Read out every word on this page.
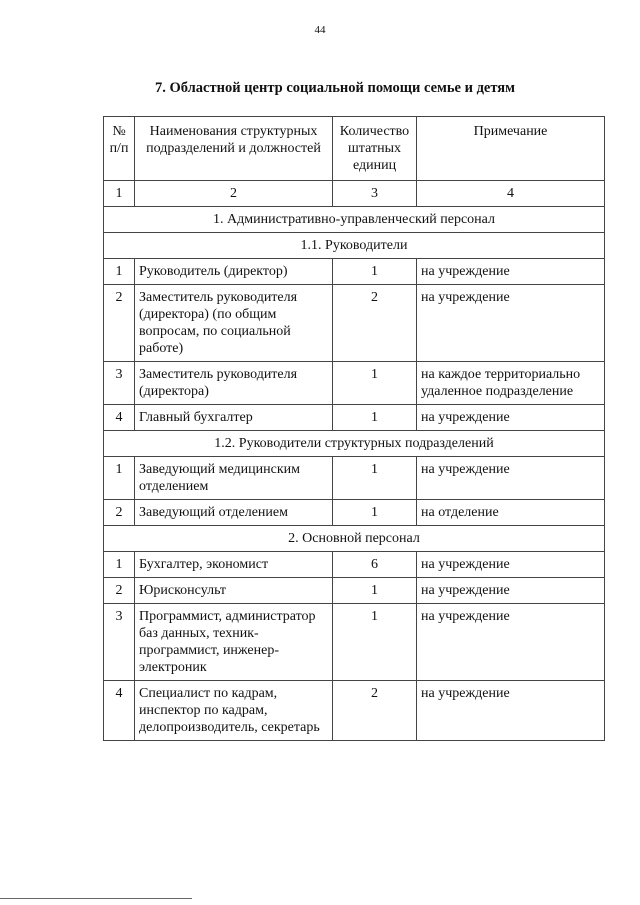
44
7. Областной центр социальной помощи семье и детям
№ п/п	Наименования структурных подразделений и должностей	Количество штатных единиц	Примечание
1	2	3	4
1. Административно-управленческий персонал			
1.1. Руководители			
1	Руководитель (директор)	1	на учреждение
2	Заместитель руководителя (директора) (по общим вопросам, по социальной работе)	2	на учреждение
3	Заместитель руководителя (директора)	1	на каждое территориально удаленное подразделение
4	Главный бухгалтер	1	на учреждение
1.2. Руководители структурных подразделений			
1	Заведующий медицинским отделением	1	на учреждение
2	Заведующий отделением	1	на отделение
2. Основной персонал			
1	Бухгалтер, экономист	6	на учреждение
2	Юрисконсульт	1	на учреждение
3	Программист, администратор баз данных, техник-программист, инженер-электроник	1	на учреждение
4	Специалист по кадрам, инспектор по кадрам, делопроизводитель, секретарь	2	на учреждение
